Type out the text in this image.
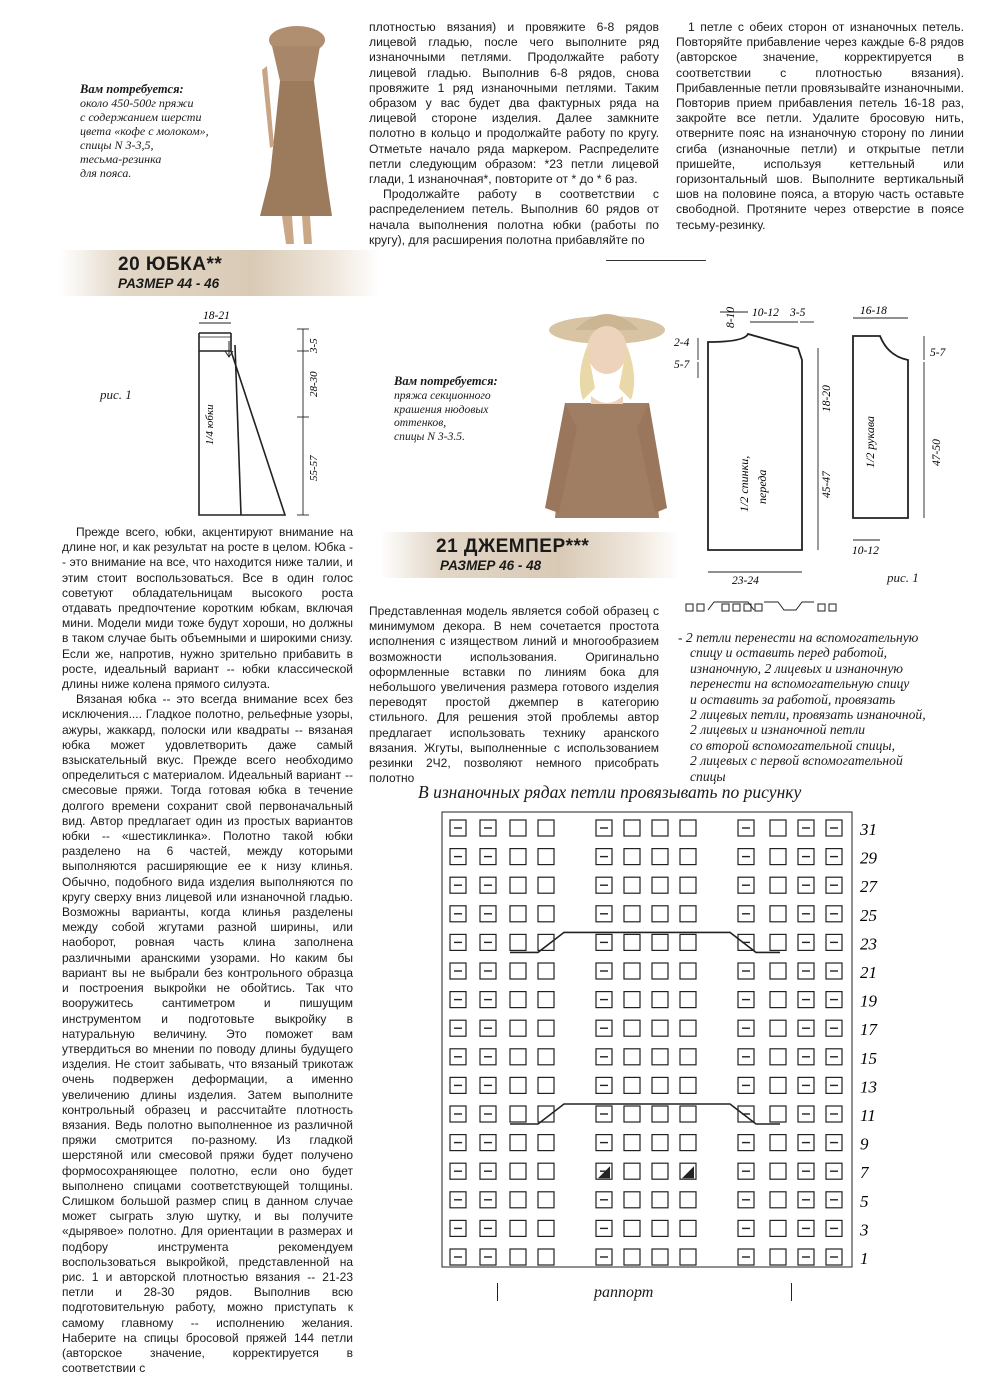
Вам потребуется:
около 450-500г пряжи
с содержанием шерсти
цвета «кофе с молоком»,
спицы N 3-3,5,
тесьма-резинка
для пояса.
20 ЮБКА**
РАЗМЕР 44 - 46

плотностью вязания) и провяжите 6-8 рядов лицевой гладью, после чего выполните ряд изнаночными петлями. Продолжайте работу лицевой гладью. Выполнив 6-8 рядов, снова провяжите 1 ряд изнаночными петлями. Таким образом у вас будет два фактурных ряда на лицевой стороне изделия. Далее замкните полотно в кольцо и продолжайте работу по кругу. Отметьте начало ряда маркером. Распределите петли следующим образом: *23 петли лицевой глади, 1 изнаночная*, повторите от * до * 6 раз.

Продолжайте работу в соответствии с распределением петель. Выполнив 60 рядов от начала выполнения полотна юбки (работы по кругу), для расширения полотна прибавляйте по

1 петле с обеих сторон от изнаночных петель. Повторяйте прибавление через каждые 6-8 рядов (авторское значение, корректируется в соответствии с плотностью вязания). Прибавленные петли провязывайте изнаночными. Повторив прием прибавления петель 16-18 раз, закройте все петли. Удалите бросовую нить, отверните пояс на изнаночную сторону по линии сгиба (изнаночные петли) и открытые петли пришейте, используя кеттельный или горизонтальный шов. Выполните вертикальный шов на половине пояса, а вторую часть оставьте свободной. Протяните через отверстие в поясе тесьму-резинку.

рис. 1
18-21
1/4 юбки
3-5
28-30
55-57

Прежде всего, юбки, акцентируют внимание на длине ног, и как результат на росте в целом. Юбка -- это внимание на все, что находится ниже талии, и этим стоит воспользоваться. Все в один голос советуют обладательницам высокого роста отдавать предпочтение коротким юбкам, включая мини. Модели миди тоже будут хороши, но должны в таком случае быть объемными и широкими снизу. Если же, напротив, нужно зрительно прибавить в росте, идеальный вариант -- юбки классической длины ниже колена прямого силуэта.

Вязаная юбка -- это всегда внимание всех без исключения.... Гладкое полотно, рельефные узоры, ажуры, жаккард, полоски или квадраты -- вязаная юбка может удовлетворить даже самый взыскательный вкус. Прежде всего необходимо определиться с материалом. Идеальный вариант -- смесовые пряжи. Тогда готовая юбка в течение долгого времени сохранит свой первоначальный вид. Автор предлагает один из простых вариантов юбки -- «шестиклинка». Полотно такой юбки разделено на 6 частей, между которыми выполняются расширяющие ее к низу клинья. Обычно, подобного вида изделия выполняются по кругу сверху вниз лицевой или изнаночной гладью. Возможны варианты, когда клинья разделены между собой жгутами разной ширины, или наоборот, ровная часть клина заполнена различными аранскими узорами. Но каким бы вариант вы не выбрали без контрольного образца и построения выкройки не обойтись. Так что вооружитесь сантиметром и пишущим инструментом и подготовьте выкройку в натуральную величину. Это поможет вам утвердиться во мнении по поводу длины будущего изделия. Не стоит забывать, что вязаный трикотаж очень подвержен деформации, а именно увеличению длины изделия. Затем выполните контрольный образец и рассчитайте плотность вязания. Ведь полотно выполненное из различной пряжи смотрится по-разному. Из гладкой шерстяной или смесовой пряжи будет получено формосохраняющее полотно, если оно будет выполнено спицами соответствующей толщины. Слишком большой размер спиц в данном случае может сыграть злую шутку, и вы получите «дырявое» полотно. Для ориентации в размерах и подбору инструмента рекомендуем воспользоваться выкройкой, представленной на рис. 1 и авторской плотностью вязания -- 21-23 петли и 28-30 рядов. Выполнив всю подготовительную работу, можно приступать к самому главному -- исполнению желания. Наберите на спицы бросовой пряжей 144 петли (авторское значение, корректируется в соответствии с

Вам потребуется:
пряжа секционного
крашения нюдовых
оттенков,
спицы N 3-3.5.
21 ДЖЕМПЕР***
РАЗМЕР 46 - 48

Представленная модель является собой образец с минимумом декора. В нем сочетается простота исполнения с изяществом линий и многообразием возможности использования. Оригинально оформленные вставки по линиям бока для небольшого увеличения размера готового изделия переводят простой джемпер в категорию стильного. Для решения этой проблемы автор предлагает использовать технику аранского вязания. Жгуты, выполненные с использованием резинки 2Ч2, позволяют немного присобрать полотно

8-10 10-12 3-5
2-4
5-7
18-20
45-47
1/2 спинки, переда
23-24
16-18
5-7
47-50
1/2 рукава
10-12
рис. 1
- 2 петли перенести на вспомогательную
спицу и оставить перед работой,
изнаночную, 2 лицевых и изнаночную
перенести на вспомогательную спицу
и оставить за работой, провязать
2 лицевых петли, провязать изнаночной,
2 лицевых и изнаночной петли
со второй вспомогательной спицы,
2 лицевых с первой вспомогательной
спицы
В изнаночных рядах петли провязывать по рисунку
31
29
27
25
23
21
19
17
15
13
11
9
7
5
3
1
раппорт
